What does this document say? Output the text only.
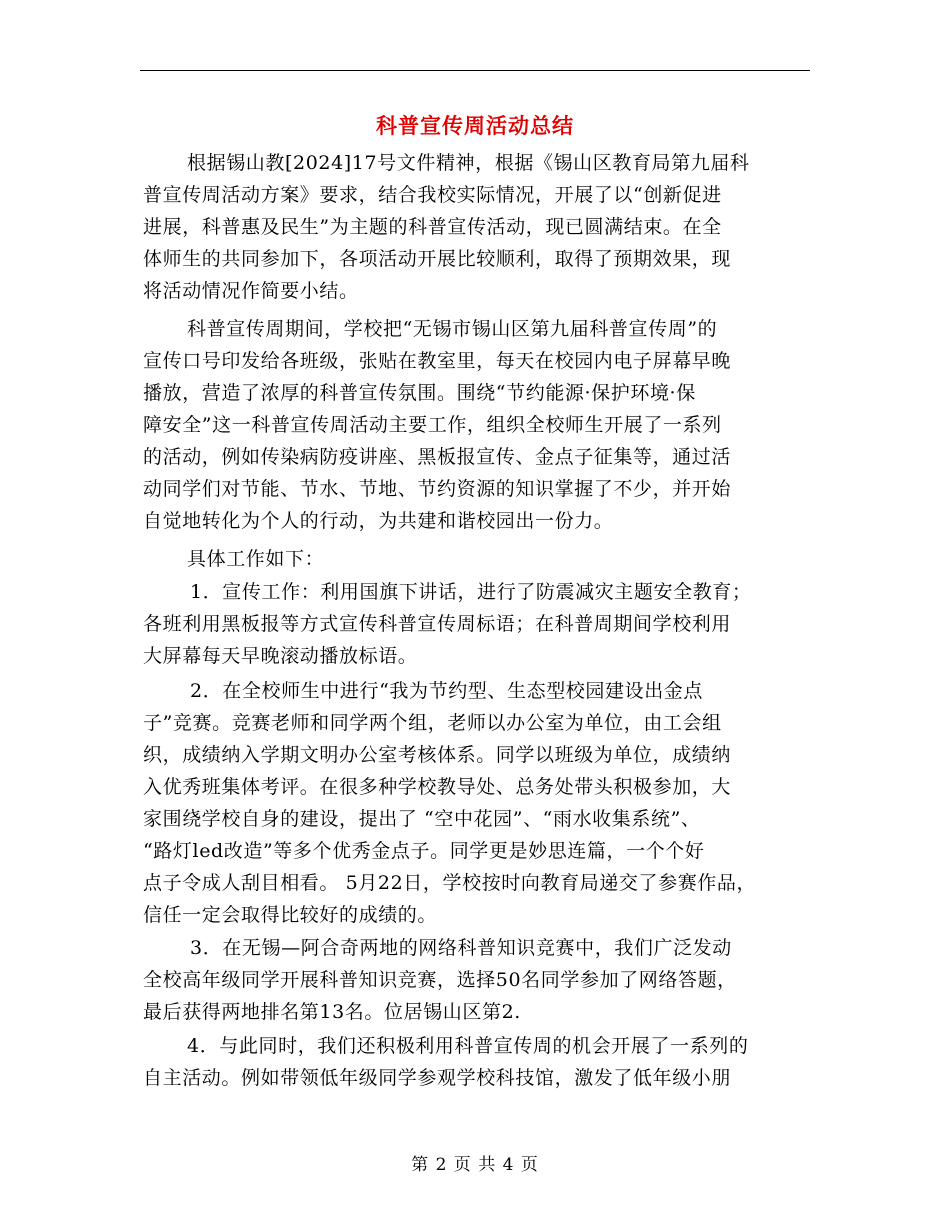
科普宣传周活动总结
根据锡山教[2024]17号文件精神，根据《锡山区教育局第九届科
普宣传周活动方案》要求，结合我校实际情况，开展了以“创新促进
进展，科普惠及民生”为主题的科普宣传活动，现已圆满结束。在全
体师生的共同参加下，各项活动开展比较顺利，取得了预期效果，现
将活动情况作简要小结。
科普宣传周期间，学校把“无锡市锡山区第九届科普宣传周”的
宣传口号印发给各班级，张贴在教室里，每天在校园内电子屏幕早晚
播放，营造了浓厚的科普宣传氛围。围绕“节约能源·保护环境·保
障安全”这一科普宣传周活动主要工作，组织全校师生开展了一系列
的活动，例如传染病防疫讲座、黑板报宣传、金点子征集等，通过活
动同学们对节能、节水、节地、节约资源的知识掌握了不少，并开始
自觉地转化为个人的行动，为共建和谐校园出一份力。
具体工作如下：
1．宣传工作：利用国旗下讲话，进行了防震减灾主题安全教育；
各班利用黑板报等方式宣传科普宣传周标语；在科普周期间学校利用
大屏幕每天早晚滚动播放标语。
2．在全校师生中进行“我为节约型、生态型校园建设出金点
子”竞赛。竞赛老师和同学两个组，老师以办公室为单位，由工会组
织，成绩纳入学期文明办公室考核体系。同学以班级为单位，成绩纳
入优秀班集体考评。在很多种学校教导处、总务处带头积极参加，大
家围绕学校自身的建设，提出了 “空中花园”、“雨水收集系统”、
“路灯led改造”等多个优秀金点子。同学更是妙思连篇，一个个好
点子令成人刮目相看。 5月22日，学校按时向教育局递交了参赛作品，
信任一定会取得比较好的成绩的。
3．在无锡—阿合奇两地的网络科普知识竞赛中，我们广泛发动
全校高年级同学开展科普知识竞赛，选择50名同学参加了网络答题，
最后获得两地排名第13名。位居锡山区第2.
4．与此同时，我们还积极利用科普宣传周的机会开展了一系列的
自主活动。例如带领低年级同学参观学校科技馆，激发了低年级小朋
第 2 页 共 4 页
